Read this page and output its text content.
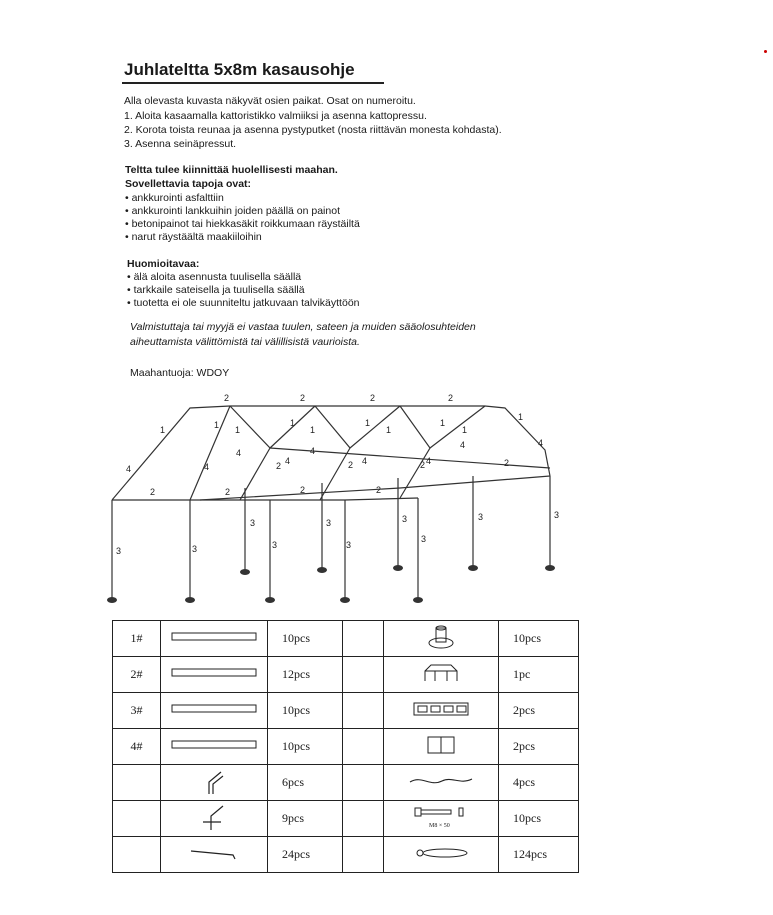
Juhlateltta 5x8m kasausohje
Alla olevasta kuvasta näkyvät osien paikat. Osat on numeroitu.
1. Aloita kasaamalla kattoristikko valmiiksi ja asenna kattopressu.
2. Korota toista reunaa ja asenna pystyputket (nosta riittävän monesta kohdasta).
3. Asenna seinäpressut.
Teltta tulee kiinnittää huolellisesti maahan.
Sovellettavia tapoja ovat:
• ankkurointi asfalttiin
• ankkurointi lankkuihin joiden päällä on painot
• betonipainot tai hiekkasäkit roikkumaan räystäiltä
• narut räystäältä maakiiloihin
Huomioitavaa:
• älä aloita asennusta tuulisella säällä
• tarkkaile sateisella ja tuulisella säällä
• tuotetta ei ole suunniteltu jatkuvaan talvikäyttöön
Valmistuttaja tai myyjä ei vastaa tuulen, sateen ja muiden sääolosuhteiden
aiheuttamista välittömistä tai välillisistä vaurioista.
Maahantuoja: WDOY
2	2	2	2
1	1 1
1
1
1
1
1
1
1
4	4
4
4
4
4	4
4	4
2	2	2	2
2	2	2	2
3	3
3
3
3
3
3
3
3	3
1#		10pcs			10pcs
2#		12pcs			1pc
3#		10pcs			2pcs
4#		10pcs			2pcs
		6pcs			4pcs
		9pcs		M8 × 50	10pcs
		24pcs			124pcs
